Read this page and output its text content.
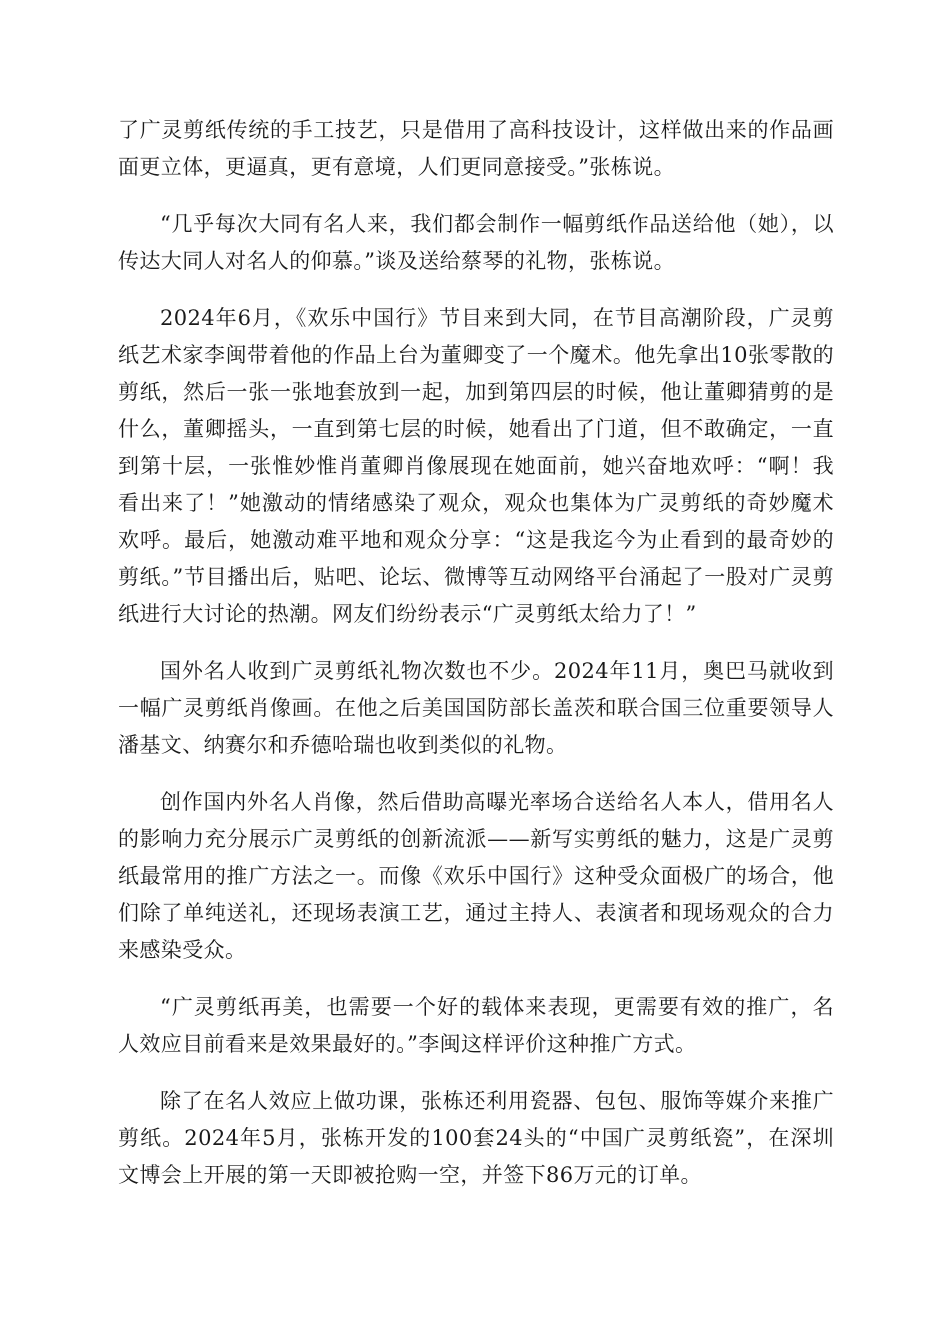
了广灵剪纸传统的手工技艺，只是借用了高科技设计，这样做出来的作品画面更立体，更逼真，更有意境，人们更同意接受。”张栋说。

“几乎每次大同有名人来，我们都会制作一幅剪纸作品送给他（她），以传达大同人对名人的仰慕。”谈及送给蔡琴的礼物，张栋说。

2024年6月，《欢乐中国行》节目来到大同，在节目高潮阶段，广灵剪纸艺术家李闽带着他的作品上台为董卿变了一个魔术。他先拿出10张零散的剪纸，然后一张一张地套放到一起，加到第四层的时候，他让董卿猜剪的是什么，董卿摇头，一直到第七层的时候，她看出了门道，但不敢确定，一直到第十层，一张惟妙惟肖董卿肖像展现在她面前，她兴奋地欢呼：“啊！我看出来了！”她激动的情绪感染了观众，观众也集体为广灵剪纸的奇妙魔术欢呼。最后，她激动难平地和观众分享：“这是我迄今为止看到的最奇妙的剪纸。”节目播出后，贴吧、论坛、微博等互动网络平台涌起了一股对广灵剪纸进行大讨论的热潮。网友们纷纷表示“广灵剪纸太给力了！”

国外名人收到广灵剪纸礼物次数也不少。2024年11月，奥巴马就收到一幅广灵剪纸肖像画。在他之后美国国防部长盖茨和联合国三位重要领导人潘基文、纳赛尔和乔德哈瑞也收到类似的礼物。

创作国内外名人肖像，然后借助高曝光率场合送给名人本人，借用名人的影响力充分展示广灵剪纸的创新流派——新写实剪纸的魅力，这是广灵剪纸最常用的推广方法之一。而像《欢乐中国行》这种受众面极广的场合，他们除了单纯送礼，还现场表演工艺，通过主持人、表演者和现场观众的合力来感染受众。

“广灵剪纸再美，也需要一个好的载体来表现，更需要有效的推广，名人效应目前看来是效果最好的。”李闽这样评价这种推广方式。

除了在名人效应上做功课，张栋还利用瓷器、包包、服饰等媒介来推广剪纸。2024年5月，张栋开发的100套24头的“中国广灵剪纸瓷”，在深圳文博会上开展的第一天即被抢购一空，并签下86万元的订单。
